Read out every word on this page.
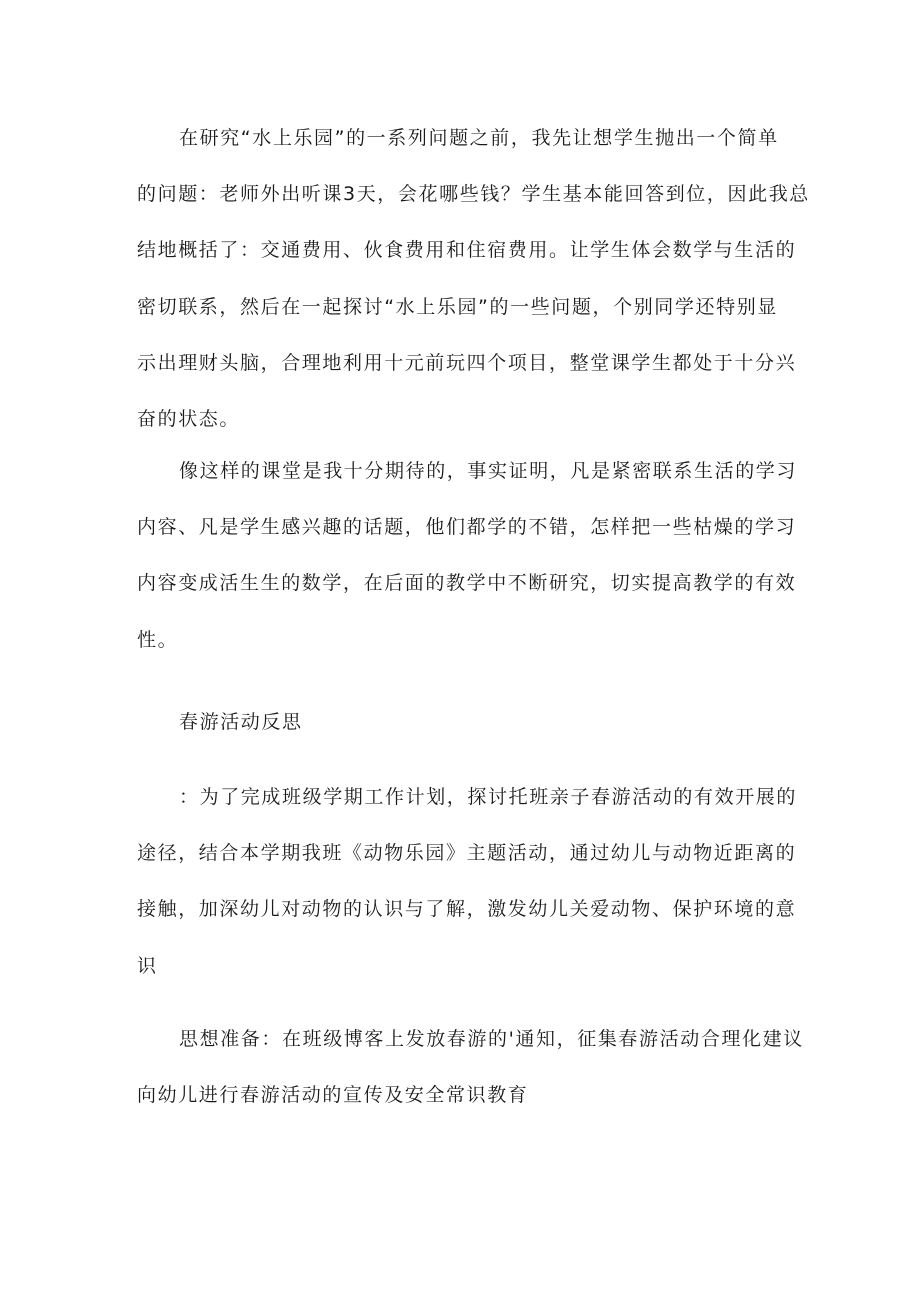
在研究“水上乐园”的一系列问题之前，我先让想学生抛出一个简单
的问题：老师外出听课3天，会花哪些钱？学生基本能回答到位，因此我总
结地概括了：交通费用、伙食费用和住宿费用。让学生体会数学与生活的
密切联系，然后在一起探讨“水上乐园”的一些问题，个别同学还特别显
示出理财头脑，合理地利用十元前玩四个项目，整堂课学生都处于十分兴
奋的状态。
像这样的课堂是我十分期待的，事实证明，凡是紧密联系生活的学习
内容、凡是学生感兴趣的话题，他们都学的不错，怎样把一些枯燥的学习
内容变成活生生的数学，在后面的教学中不断研究，切实提高教学的有效
性。
春游活动反思
：为了完成班级学期工作计划，探讨托班亲子春游活动的有效开展的
途径，结合本学期我班《动物乐园》主题活动，通过幼儿与动物近距离的
接触，加深幼儿对动物的认识与了解，激发幼儿关爱动物、保护环境的意
识
思想准备：在班级博客上发放春游的'通知，征集春游活动合理化建议
向幼儿进行春游活动的宣传及安全常识教育
